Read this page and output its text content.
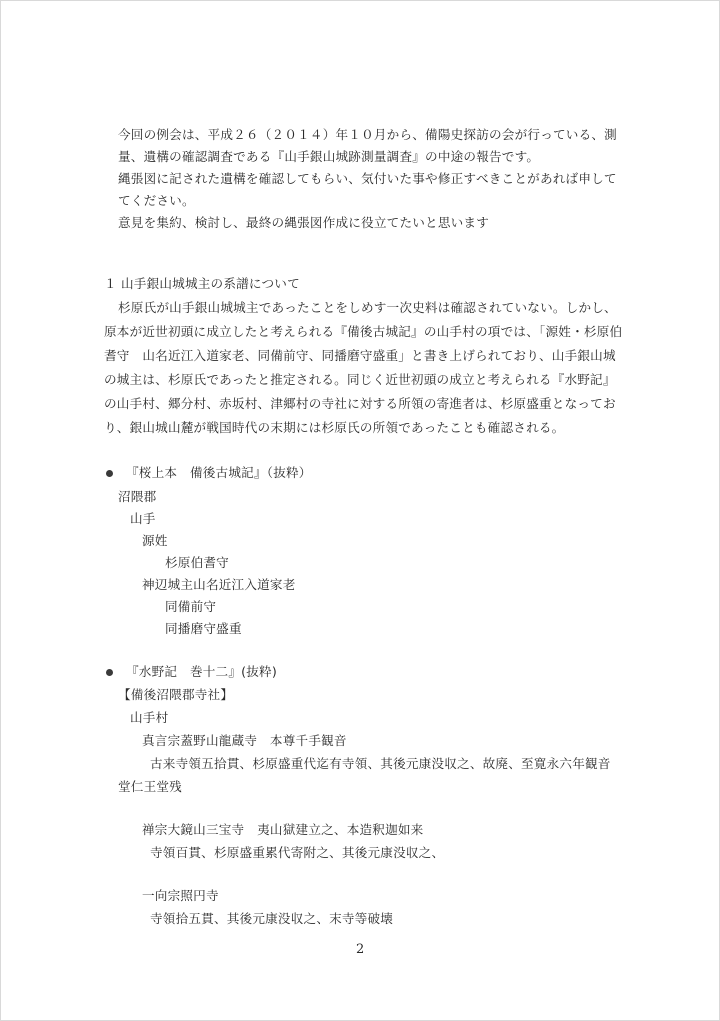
今回の例会は、平成２６（２０１４）年１０月から、備陽史探訪の会が行っている、測
量、遺構の確認調査である『山手銀山城跡測量調査』の中途の報告です。
縄張図に記された遺構を確認してもらい、気付いた事や修正すべきことがあれば申して
てください。
意見を集約、検討し、最終の縄張図作成に役立てたいと思います
１ 山手銀山城城主の系譜について
杉原氏が山手銀山城城主であったことをしめす一次史料は確認されていない。しかし、
原本が近世初頭に成立したと考えられる『備後古城記』の山手村の項では、「源姓・杉原伯
耆守　山名近江入道家老、同備前守、同播磨守盛重」と書き上げられており、山手銀山城
の城主は、杉原氏であったと推定される。同じく近世初頭の成立と考えられる『水野記』
の山手村、郷分村、赤坂村、津郷村の寺社に対する所領の寄進者は、杉原盛重となってお
り、銀山城山麓が戦国時代の末期には杉原氏の所領であったことも確認される。
『桜上本　備後古城記』（抜粋）
沼隈郡
山手
源姓
杉原伯耆守
神辺城主山名近江入道家老
同備前守
同播磨守盛重
『水野記　巻十二』(抜粋)
【備後沼隈郡寺社】
山手村
真言宗蓋野山龍蔵寺　本尊千手観音
古来寺領五拾貫、杉原盛重代迄有寺領、其後元康没収之、故廃、至寛永六年観音
堂仁王堂残
禅宗大鏡山三宝寺　夷山獄建立之、本造釈迦如来
寺領百貫、杉原盛重累代寄附之、其後元康没収之、
一向宗照円寺
寺領拾五貫、其後元康没収之、末寺等破壊
2
